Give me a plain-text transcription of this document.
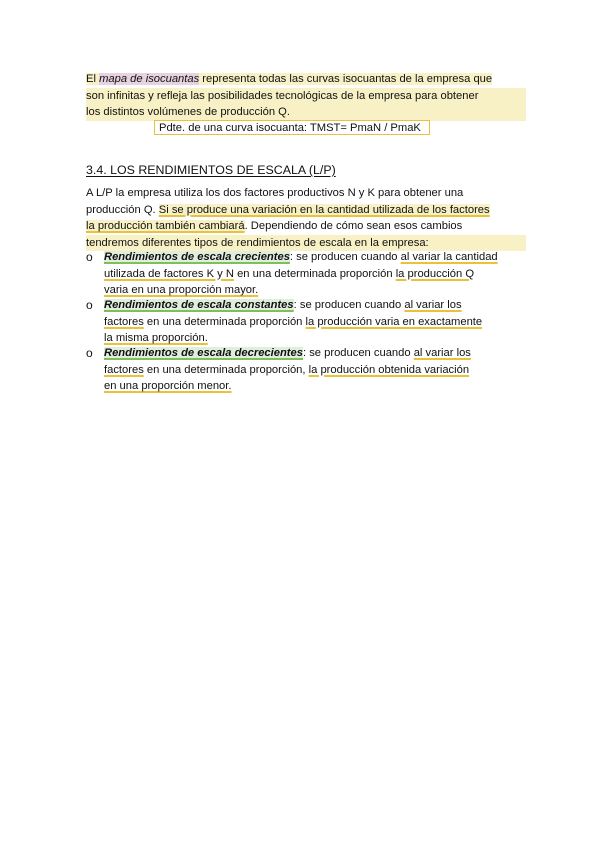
El mapa de isocuantas representa todas las curvas isocuantas de la empresa que
son infinitas y refleja las posibilidades tecnológicas de la empresa para obtener
los distintos volúmenes de producción Q.
Pdte. de una curva isocuanta: TMST= PmaN / PmaK
3.4. LOS RENDIMIENTOS DE ESCALA (L/P)
A L/P la empresa utiliza los dos factores productivos N y K para obtener una
producción Q. Si se produce una variación en la cantidad utilizada de los factores
la producción también cambiará. Dependiendo de cómo sean esos cambios
tendremos diferentes tipos de rendimientos de escala en la empresa:
o Rendimientos de escala crecientes: se producen cuando al variar la cantidad
utilizada de factores K y N en una determinada proporción la producción Q
varia en una proporción mayor.
o Rendimientos de escala constantes: se producen cuando al variar los
factores en una determinada proporción la producción varia en exactamente
la misma proporción.
o Rendimientos de escala decrecientes: se producen cuando al variar los
factores en una determinada proporción, la producción obtenida variación
en una proporción menor.
